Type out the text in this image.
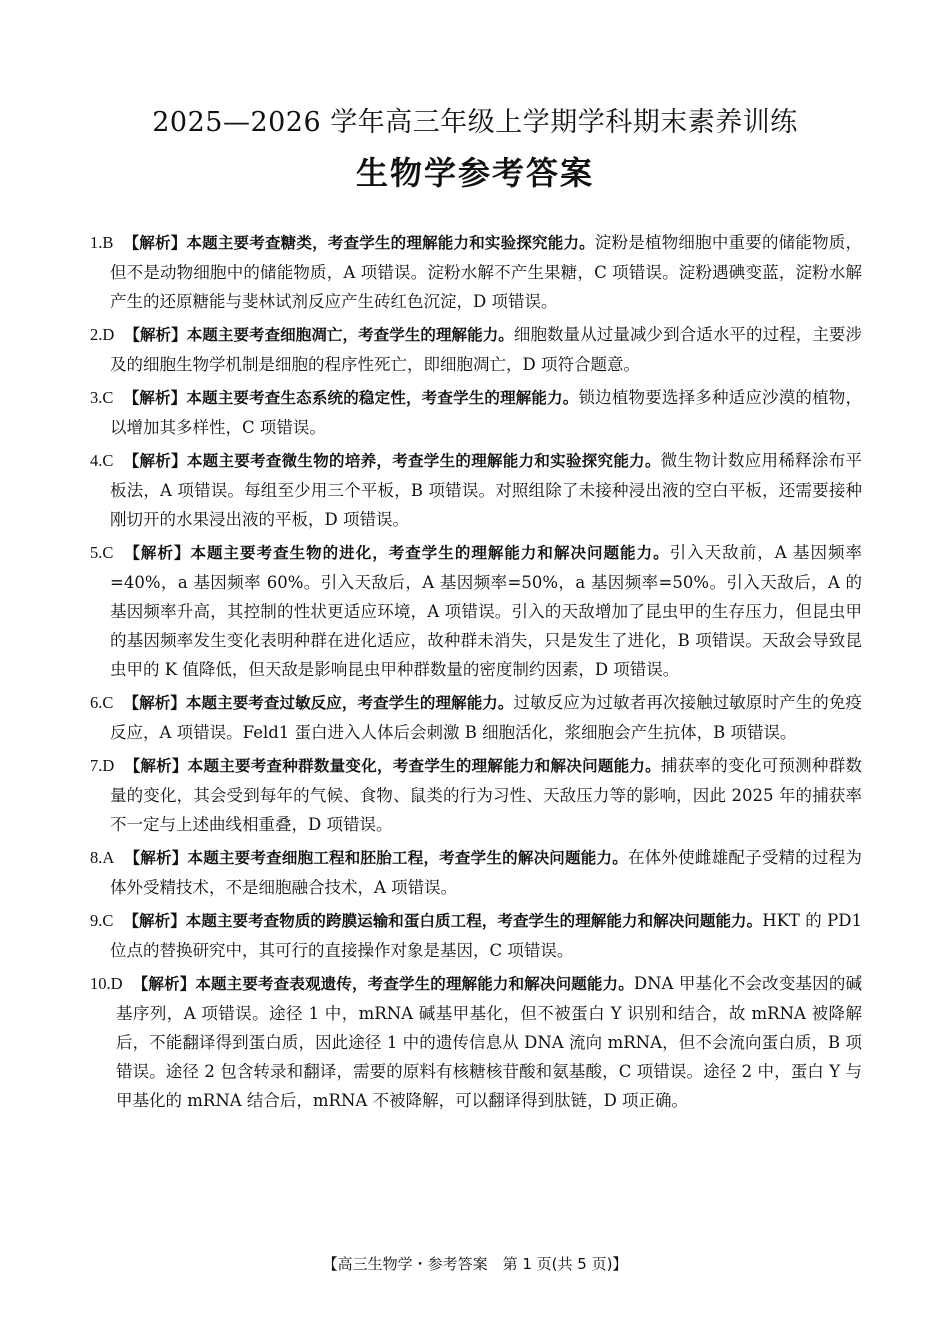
2025—2026 学年高三年级上学期学科期末素养训练
生物学参考答案
1.B 【解析】本题主要考查糖类，考查学生的理解能力和实验探究能力。淀粉是植物细胞中重要的储能物质，但不是动物细胞中的储能物质，A 项错误。淀粉水解不产生果糖，C 项错误。淀粉遇碘变蓝，淀粉水解产生的还原糖能与斐林试剂反应产生砖红色沉淀，D 项错误。
2.D 【解析】本题主要考查细胞凋亡，考查学生的理解能力。细胞数量从过量减少到合适水平的过程，主要涉及的细胞生物学机制是细胞的程序性死亡，即细胞凋亡，D 项符合题意。
3.C 【解析】本题主要考查生态系统的稳定性，考查学生的理解能力。锁边植物要选择多种适应沙漠的植物，以增加其多样性，C 项错误。
4.C 【解析】本题主要考查微生物的培养，考查学生的理解能力和实验探究能力。微生物计数应用稀释涂布平板法，A 项错误。每组至少用三个平板，B 项错误。对照组除了未接种浸出液的空白平板，还需要接种刚切开的水果浸出液的平板，D 项错误。
5.C 【解析】本题主要考查生物的进化，考查学生的理解能力和解决问题能力。引入天敌前，A 基因频率=40%，a 基因频率 60%。引入天敌后，A 基因频率=50%，a 基因频率=50%。引入天敌后，A 的基因频率升高，其控制的性状更适应环境，A 项错误。引入的天敌增加了昆虫甲的生存压力，但昆虫甲的基因频率发生变化表明种群在进化适应，故种群未消失，只是发生了进化，B 项错误。天敌会导致昆虫甲的 K 值降低，但天敌是影响昆虫甲种群数量的密度制约因素，D 项错误。
6.C 【解析】本题主要考查过敏反应，考查学生的理解能力。过敏反应为过敏者再次接触过敏原时产生的免疫反应，A 项错误。Feld1 蛋白进入人体后会刺激 B 细胞活化，浆细胞会产生抗体，B 项错误。
7.D 【解析】本题主要考查种群数量变化，考查学生的理解能力和解决问题能力。捕获率的变化可预测种群数量的变化，其会受到每年的气候、食物、鼠类的行为习性、天敌压力等的影响，因此 2025 年的捕获率不一定与上述曲线相重叠，D 项错误。
8.A 【解析】本题主要考查细胞工程和胚胎工程，考查学生的解决问题能力。在体外使雌雄配子受精的过程为体外受精技术，不是细胞融合技术，A 项错误。
9.C 【解析】本题主要考查物质的跨膜运输和蛋白质工程，考查学生的理解能力和解决问题能力。HKT 的 PD1 位点的替换研究中，其可行的直接操作对象是基因，C 项错误。
10.D 【解析】本题主要考查表观遗传，考查学生的理解能力和解决问题能力。DNA 甲基化不会改变基因的碱基序列，A 项错误。途径 1 中，mRNA 碱基甲基化，但不被蛋白 Y 识别和结合，故 mRNA 被降解后，不能翻译得到蛋白质，因此途径 1 中的遗传信息从 DNA 流向 mRNA，但不会流向蛋白质，B 项错误。途径 2 包含转录和翻译，需要的原料有核糖核苷酸和氨基酸，C 项错误。途径 2 中，蛋白 Y 与甲基化的 mRNA 结合后，mRNA 不被降解，可以翻译得到肽链，D 项正确。
【高三生物学・参考答案　第 1 页(共 5 页)】
